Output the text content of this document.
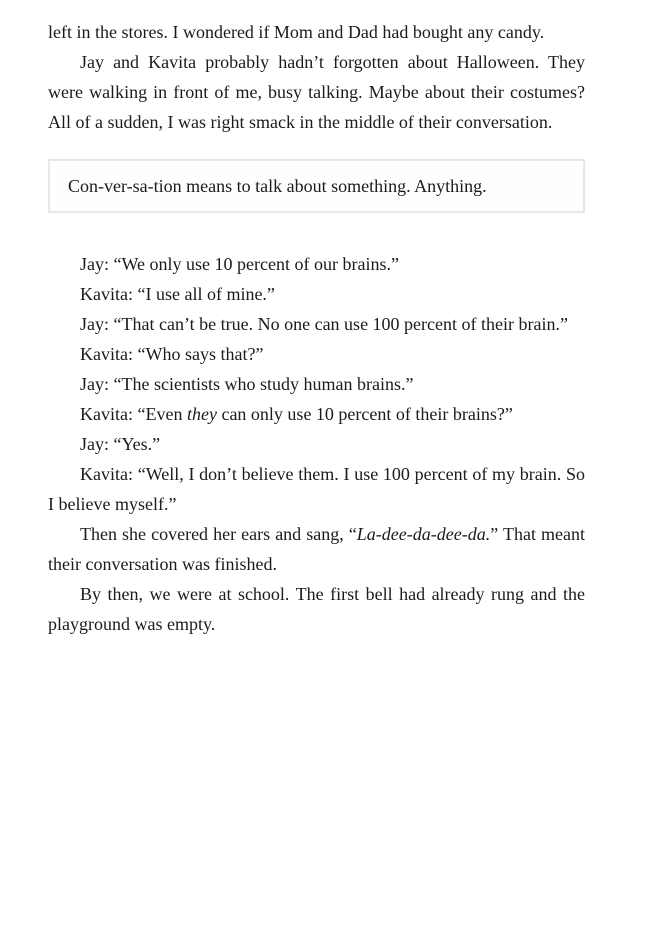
left in the stores. I wondered if Mom and Dad had bought any candy.

Jay and Kavita probably hadn’t forgotten about Halloween. They were walking in front of me, busy talking. Maybe about their costumes? All of a sudden, I was right smack in the middle of their conversation.

Con-ver-sa-tion means to talk about something. Anything.

Jay: “We only use 10 percent of our brains.”

Kavita: “I use all of mine.”

Jay: “That can’t be true. No one can use 100 percent of their brain.”

Kavita: “Who says that?”

Jay: “The scientists who study human brains.”

Kavita: “Even they can only use 10 percent of their brains?”

Jay: “Yes.”

Kavita: “Well, I don’t believe them. I use 100 percent of my brain. So I believe myself.”

Then she covered her ears and sang, “La-dee-da-dee-da.” That meant their conversation was finished.

By then, we were at school. The first bell had already rung and the playground was empty.
